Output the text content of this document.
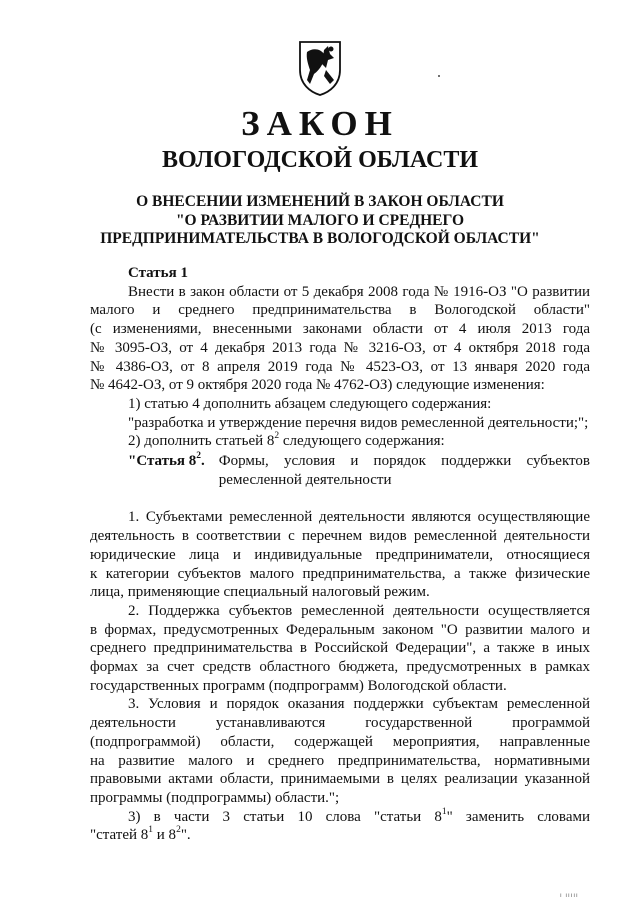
ЗАКОН
ВОЛОГОДСКОЙ ОБЛАСТИ
О ВНЕСЕНИИ ИЗМЕНЕНИЙ В ЗАКОН ОБЛАСТИ
"О РАЗВИТИИ МАЛОГО И СРЕДНЕГО
ПРЕДПРИНИМАТЕЛЬСТВА В ВОЛОГОДСКОЙ ОБЛАСТИ"

Статья 1

Внести в закон области от 5 декабря 2008 года № 1916-ОЗ "О развитии

малого и среднего предпринимательства в Вологодской области"

(с изменениями, внесенными законами области от 4 июля 2013 года

№ 3095-ОЗ, от 4 декабря 2013 года № 3216-ОЗ, от 4 октября 2018 года

№ 4386-ОЗ, от 8 апреля 2019 года № 4523-ОЗ, от 13 января 2020 года

№ 4642-ОЗ, от 9 октября 2020 года № 4762-ОЗ) следующие изменения:

1) статью 4 дополнить абзацем следующего содержания:

"разработка и утверждение перечня видов ремесленной деятельности;";

2) дополнить статьей $8^2$ следующего содержания:

"Статья $8^2$. Формы, условия и порядок поддержки субъектов

ремесленной деятельности

1. Субъектами ремесленной деятельности являются осуществляющие

деятельность в соответствии с перечнем видов ремесленной деятельности

юридические лица и индивидуальные предприниматели, относящиеся

к категории субъектов малого предпринимательства, а также физические

лица, применяющие специальный налоговый режим.

2. Поддержка субъектов ремесленной деятельности осуществляется

в формах, предусмотренных Федеральным законом "О развитии малого и

среднего предпринимательства в Российской Федерации", а также в иных

формах за счет средств областного бюджета, предусмотренных в рамках

государственных программ (подпрограмм) Вологодской области.

3. Условия и порядок оказания поддержки субъектам ремесленной

деятельности устанавливаются государственной программой

(подпрограммой) области, содержащей мероприятия, направленные

на развитие малого и среднего предпринимательства, нормативными

правовыми актами области, принимаемыми в целях реализации указанной

программы (подпрограммы) области.";

3) в части 3 статьи 10 слова "статьи $8^1$" заменить словами

"статей $8^1$ и $8^2$".

ı ııııı
